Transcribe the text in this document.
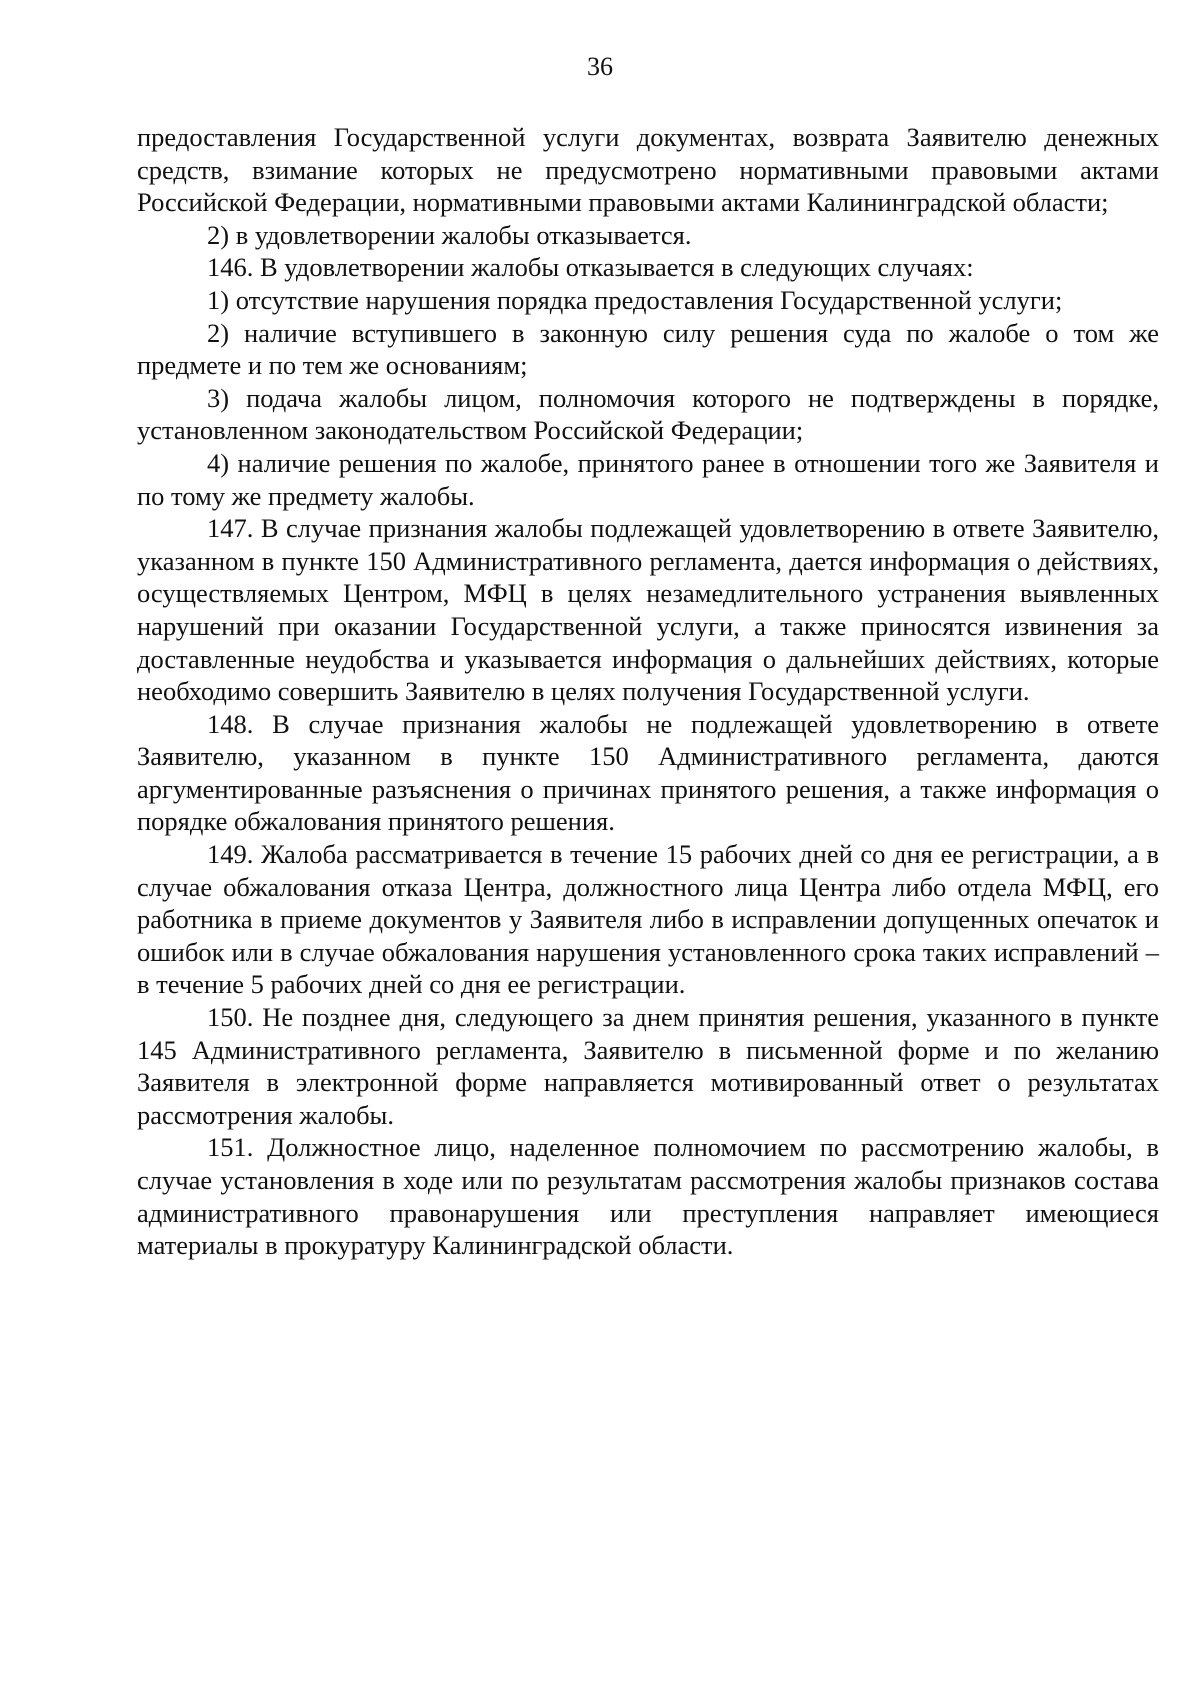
36

предоставления Государственной услуги документах, возврата Заявителю денежных средств, взимание которых не предусмотрено нормативными правовыми актами Российской Федерации, нормативными правовыми актами Калининградской области;

2) в удовлетворении жалобы отказывается.

146. В удовлетворении жалобы отказывается в следующих случаях:

1) отсутствие нарушения порядка предоставления Государственной услуги;

2) наличие вступившего в законную силу решения суда по жалобе о том же предмете и по тем же основаниям;

3) подача жалобы лицом, полномочия которого не подтверждены в порядке, установленном законодательством Российской Федерации;

4) наличие решения по жалобе, принятого ранее в отношении того же Заявителя и по тому же предмету жалобы.

147. В случае признания жалобы подлежащей удовлетворению в ответе Заявителю, указанном в пункте 150 Административного регламента, дается информация о действиях, осуществляемых Центром, МФЦ в целях незамедлительного устранения выявленных нарушений при оказании Государственной услуги, а также приносятся извинения за доставленные неудобства и указывается информация о дальнейших действиях, которые необходимо совершить Заявителю в целях получения Государственной услуги.

148. В случае признания жалобы не подлежащей удовлетворению в ответе Заявителю, указанном в пункте 150 Административного регламента, даются аргументированные разъяснения о причинах принятого решения, а также информация о порядке обжалования принятого решения.

149. Жалоба рассматривается в течение 15 рабочих дней со дня ее регистрации, а в случае обжалования отказа Центра, должностного лица Центра либо отдела МФЦ, его работника в приеме документов у Заявителя либо в исправлении допущенных опечаток и ошибок или в случае обжалования нарушения установленного срока таких исправлений – в течение 5 рабочих дней со дня ее регистрации.

150. Не позднее дня, следующего за днем принятия решения, указанного в пункте 145 Административного регламента, Заявителю в письменной форме и по желанию Заявителя в электронной форме направляется мотивированный ответ о результатах рассмотрения жалобы.

151. Должностное лицо, наделенное полномочием по рассмотрению жалобы, в случае установления в ходе или по результатам рассмотрения жалобы признаков состава административного правонарушения или преступления направляет имеющиеся материалы в прокуратуру Калининградской области.
